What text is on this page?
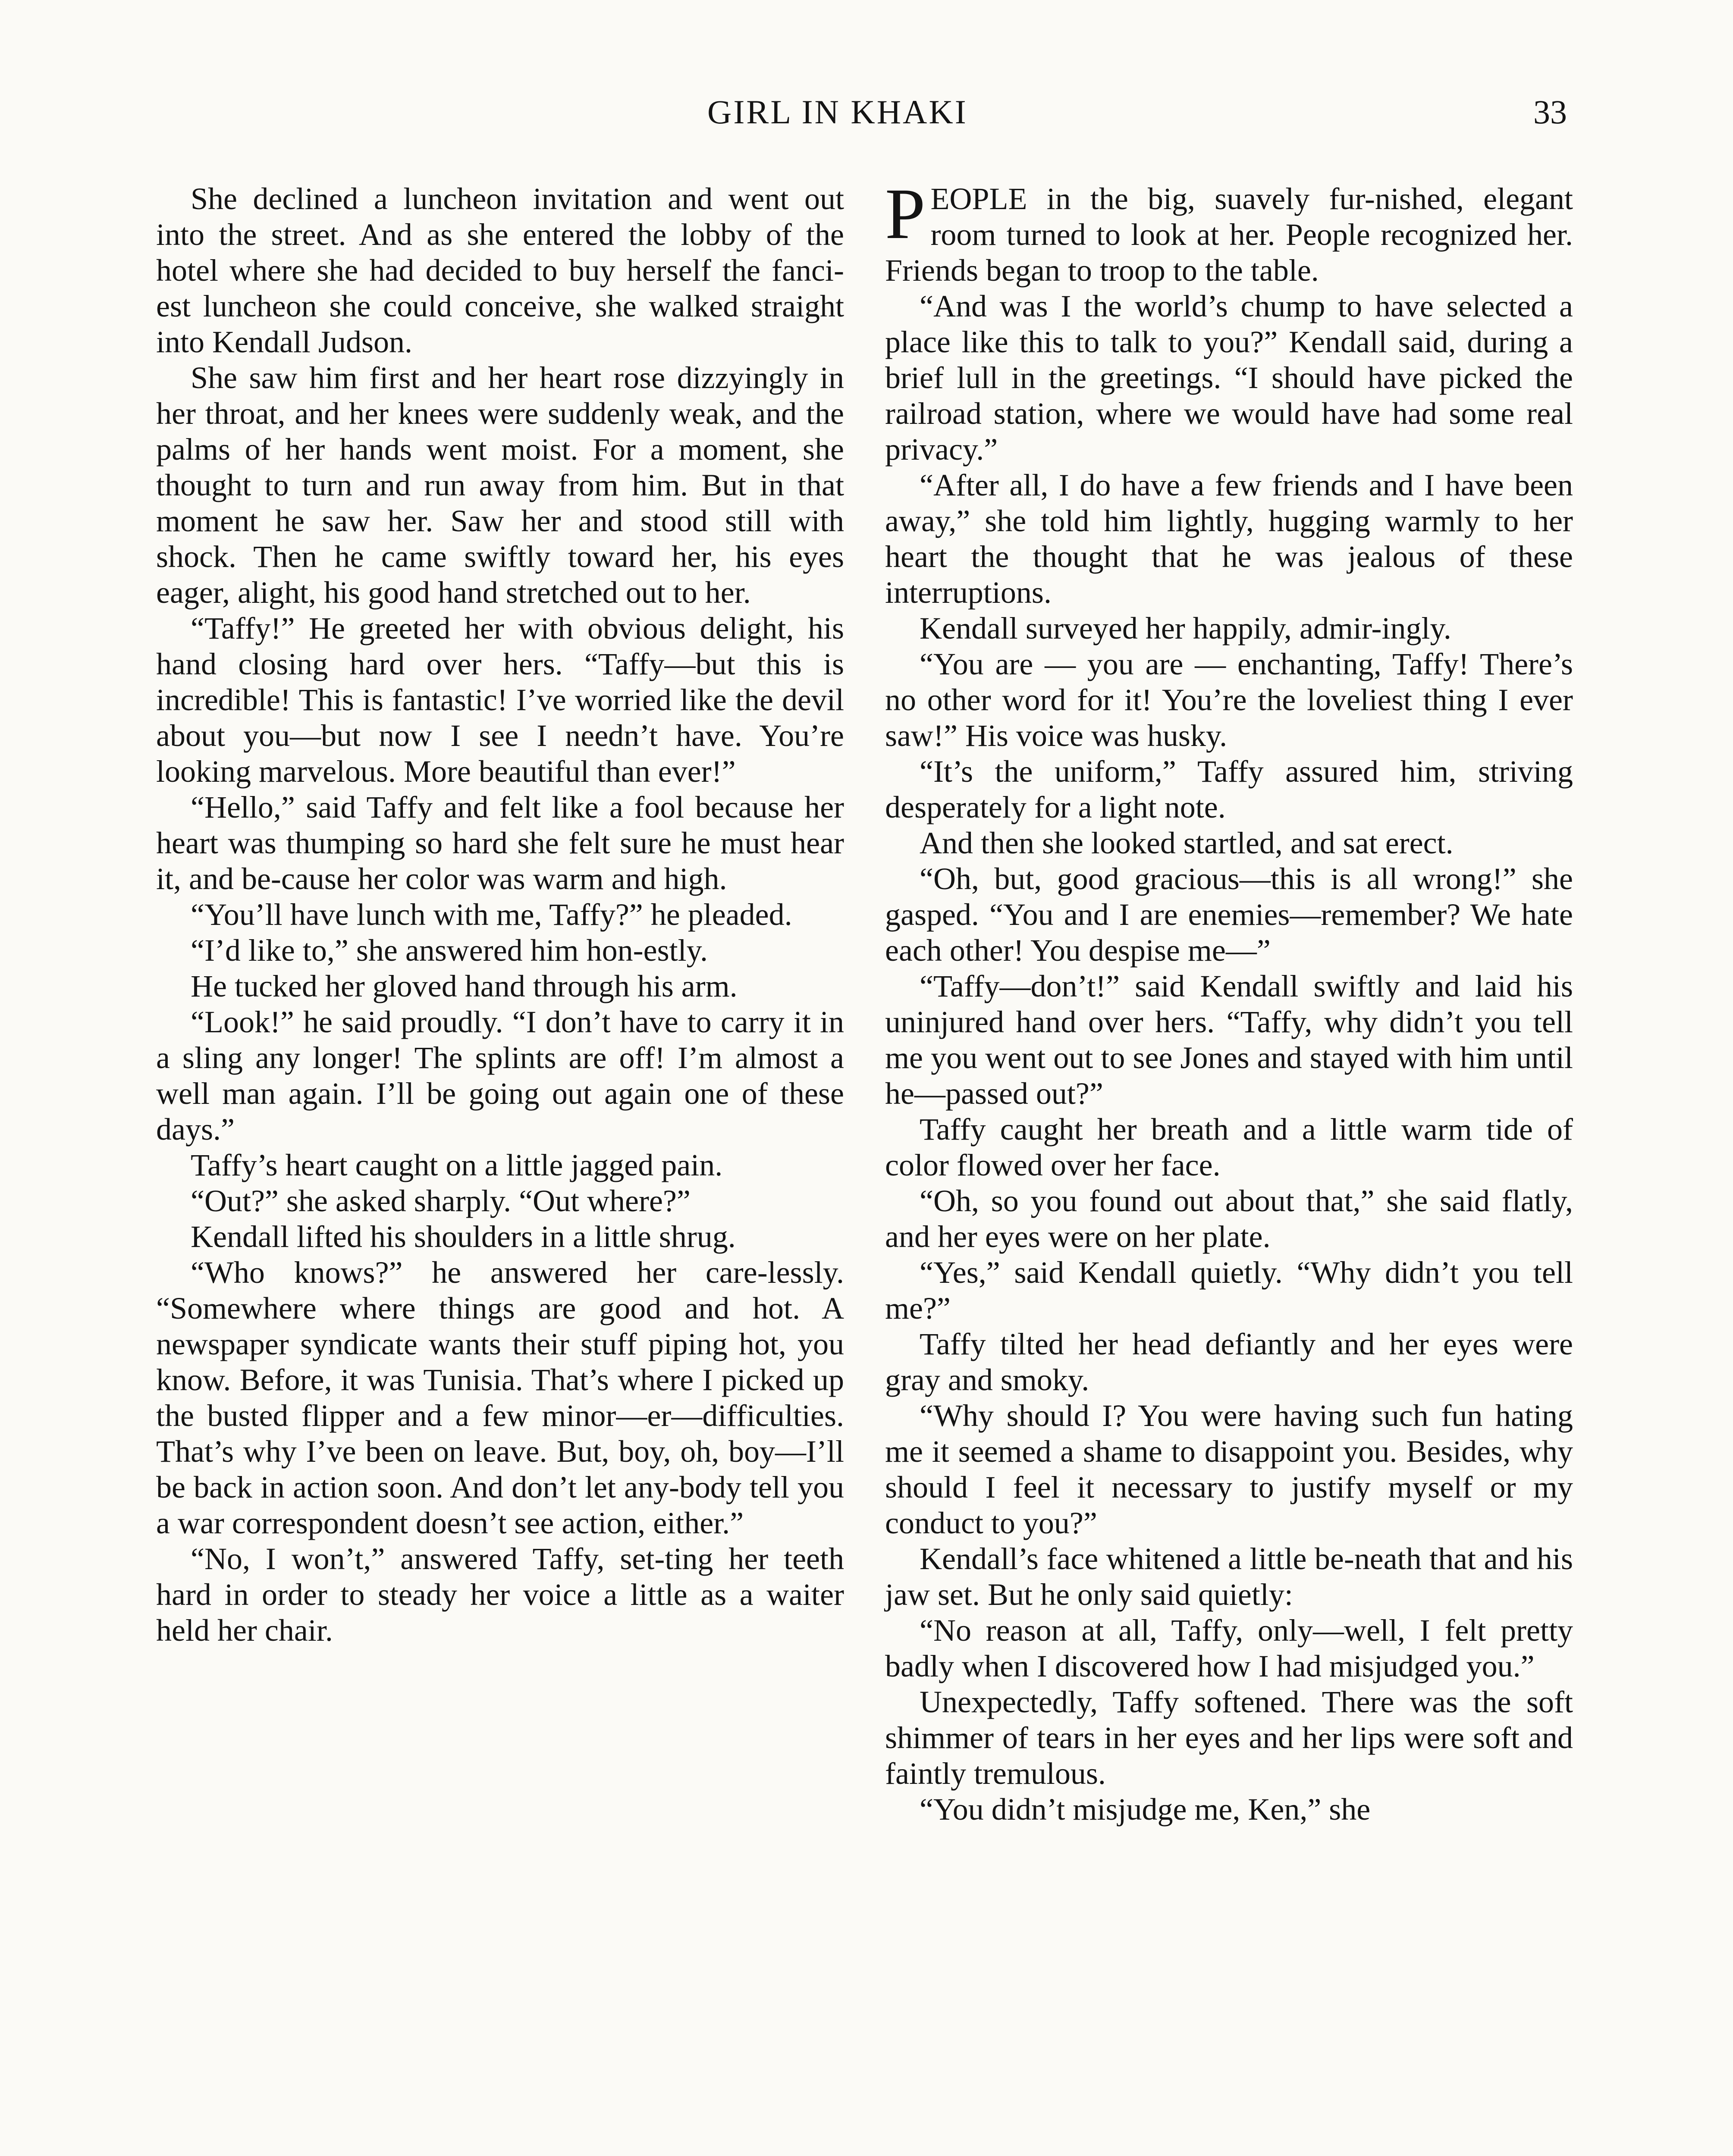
GIRL IN KHAKI	33

She declined a luncheon invitation and went out into the street. And as she entered the lobby of the hotel where she had decided to buy herself the fanci-est luncheon she could conceive, she walked straight into Kendall Judson.

She saw him first and her heart rose dizzyingly in her throat, and her knees were suddenly weak, and the palms of her hands went moist. For a moment, she thought to turn and run away from him. But in that moment he saw her. Saw her and stood still with shock. Then he came swiftly toward her, his eyes eager, alight, his good hand stretched out to her.

“Taffy!” He greeted her with obvious delight, his hand closing hard over hers. “Taffy—but this is incredible! This is fantastic! I’ve worried like the devil about you—but now I see I needn’t have. You’re looking marvelous. More beautiful than ever!”

“Hello,” said Taffy and felt like a fool because her heart was thumping so hard she felt sure he must hear it, and be-cause her color was warm and high.

“You’ll have lunch with me, Taffy?” he pleaded.

“I’d like to,” she answered him hon-estly.

He tucked her gloved hand through his arm.

“Look!” he said proudly. “I don’t have to carry it in a sling any longer! The splints are off! I’m almost a well man again. I’ll be going out again one of these days.”

Taffy’s heart caught on a little jagged pain.

“Out?” she asked sharply. “Out where?”

Kendall lifted his shoulders in a little shrug.

“Who knows?” he answered her care-lessly. “Somewhere where things are good and hot. A newspaper syndicate wants their stuff piping hot, you know. Before, it was Tunisia. That’s where I picked up the busted flipper and a few minor—er—difficulties. That’s why I’ve been on leave. But, boy, oh, boy—I’ll be back in action soon. And don’t let any-body tell you a war correspondent doesn’t see action, either.”

“No, I won’t,” answered Taffy, set-ting her teeth hard in order to steady her voice a little as a waiter held her chair.

PEOPLE in the big, suavely fur-nished, elegant room turned to look at her. People recognized her. Friends began to troop to the table.

“And was I the world’s chump to have selected a place like this to talk to you?” Kendall said, during a brief lull in the greetings. “I should have picked the railroad station, where we would have had some real privacy.”

“After all, I do have a few friends and I have been away,” she told him lightly, hugging warmly to her heart the thought that he was jealous of these interruptions.

Kendall surveyed her happily, admir-ingly.

“You are — you are — enchanting, Taffy! There’s no other word for it! You’re the loveliest thing I ever saw!” His voice was husky.

“It’s the uniform,” Taffy assured him, striving desperately for a light note.

And then she looked startled, and sat erect.

“Oh, but, good gracious—this is all wrong!” she gasped. “You and I are enemies—remember? We hate each other! You despise me—”

“Taffy—don’t!” said Kendall swiftly and laid his uninjured hand over hers. “Taffy, why didn’t you tell me you went out to see Jones and stayed with him until he—passed out?”

Taffy caught her breath and a little warm tide of color flowed over her face.

“Oh, so you found out about that,” she said flatly, and her eyes were on her plate.

“Yes,” said Kendall quietly. “Why didn’t you tell me?”

Taffy tilted her head defiantly and her eyes were gray and smoky.

“Why should I? You were having such fun hating me it seemed a shame to disappoint you. Besides, why should I feel it necessary to justify myself or my conduct to you?”

Kendall’s face whitened a little be-neath that and his jaw set. But he only said quietly:

“No reason at all, Taffy, only—well, I felt pretty badly when I discovered how I had misjudged you.”

Unexpectedly, Taffy softened. There was the soft shimmer of tears in her eyes and her lips were soft and faintly tremulous.

“You didn’t misjudge me, Ken,” she
